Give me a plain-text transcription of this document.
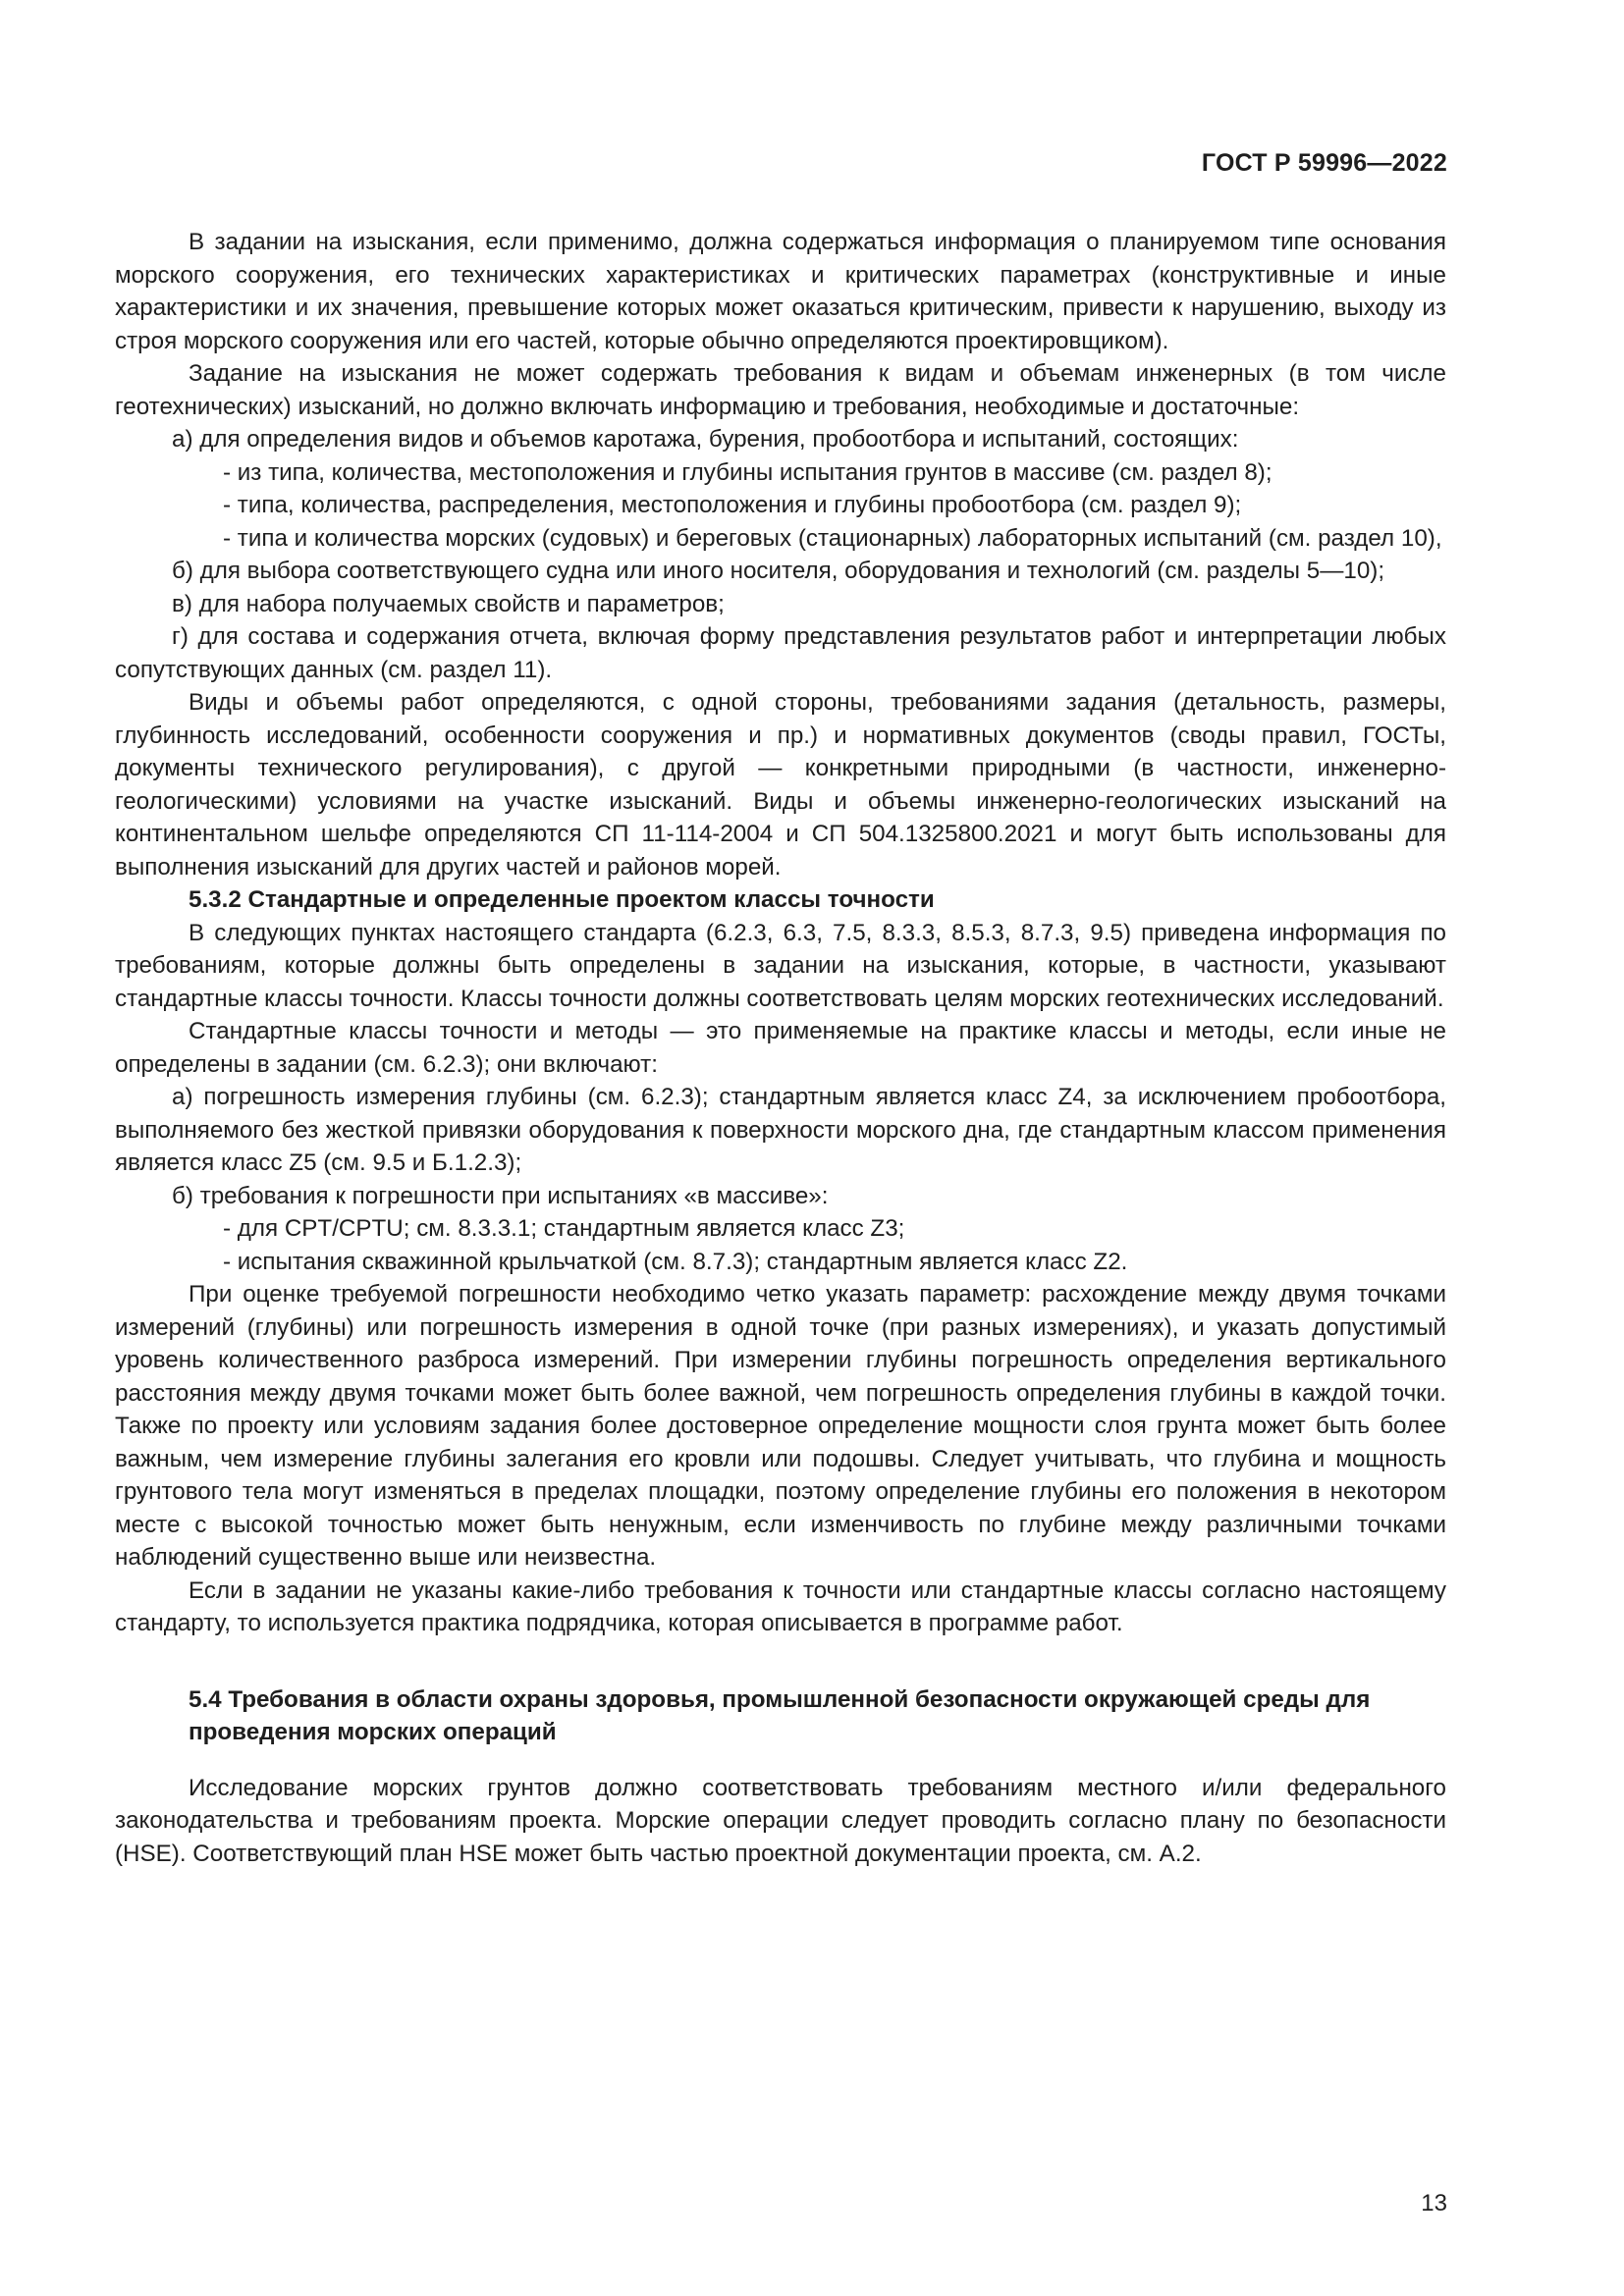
ГОСТ Р 59996—2022

В задании на изыскания, если применимо, должна содержаться информация о планируемом типе основания морского сооружения, его технических характеристиках и критических параметрах (конструктивные и иные характеристики и их значения, превышение которых может оказаться критическим, привести к нарушению, выходу из строя морского сооружения или его частей, которые обычно определяются проектировщиком).

Задание на изыскания не может содержать требования к видам и объемам инженерных (в том числе геотехнических) изысканий, но должно включать информацию и требования, необходимые и достаточные:

а) для определения видов и объемов каротажа, бурения, пробоотбора и испытаний, состоящих:

- из типа, количества, местоположения и глубины испытания грунтов в массиве (см. раздел 8);

- типа, количества, распределения, местоположения и глубины пробоотбора (см. раздел 9);

- типа и количества морских (судовых) и береговых (стационарных) лабораторных испытаний (см. раздел 10),

б) для выбора соответствующего судна или иного носителя, оборудования и технологий (см. разделы 5—10);

в) для набора получаемых свойств и параметров;

г) для состава и содержания отчета, включая форму представления результатов работ и интерпретации любых сопутствующих данных (см. раздел 11).

Виды и объемы работ определяются, с одной стороны, требованиями задания (детальность, размеры, глубинность исследований, особенности сооружения и пр.) и нормативных документов (своды правил, ГОСТы, документы технического регулирования), с другой — конкретными природными (в частности, инженерно-геологическими) условиями на участке изысканий. Виды и объемы инженерно-геологических изысканий на континентальном шельфе определяются СП 11-114-2004 и СП 504.1325800.2021 и могут быть использованы для выполнения изысканий для других частей и районов морей.

5.3.2 Стандартные и определенные проектом классы точности

В следующих пунктах настоящего стандарта (6.2.3, 6.3, 7.5, 8.3.3, 8.5.3, 8.7.3, 9.5) приведена информация по требованиям, которые должны быть определены в задании на изыскания, которые, в частности, указывают стандартные классы точности. Классы точности должны соответствовать целям морских геотехнических исследований.

Стандартные классы точности и методы — это применяемые на практике классы и методы, если иные не определены в задании (см. 6.2.3); они включают:

а) погрешность измерения глубины (см. 6.2.3); стандартным является класс Z4, за исключением пробоотбора, выполняемого без жесткой привязки оборудования к поверхности морского дна, где стандартным классом применения является класс Z5 (см. 9.5 и Б.1.2.3);

б) требования к погрешности при испытаниях «в массиве»:

- для CPT/CPTU; см. 8.3.3.1; стандартным является класс Z3;

- испытания скважинной крыльчаткой (см. 8.7.3); стандартным является класс Z2.

При оценке требуемой погрешности необходимо четко указать параметр: расхождение между двумя точками измерений (глубины) или погрешность измерения в одной точке (при разных измерениях), и указать допустимый уровень количественного разброса измерений. При измерении глубины погрешность определения вертикального расстояния между двумя точками может быть более важной, чем погрешность определения глубины в каждой точки. Также по проекту или условиям задания более достоверное определение мощности слоя грунта может быть более важным, чем измерение глубины залегания его кровли или подошвы. Следует учитывать, что глубина и мощность грунтового тела могут изменяться в пределах площадки, поэтому определение глубины его положения в некотором месте с высокой точностью может быть ненужным, если изменчивость по глубине между различными точками наблюдений существенно выше или неизвестна.

Если в задании не указаны какие-либо требования к точности или стандартные классы согласно настоящему стандарту, то используется практика подрядчика, которая описывается в программе работ.

5.4 Требования в области охраны здоровья, промышленной безопасности окружающей среды для проведения морских операций

Исследование морских грунтов должно соответствовать требованиям местного и/или федерального законодательства и требованиям проекта. Морские операции следует проводить согласно плану по безопасности (HSE). Соответствующий план HSE может быть частью проектной документации проекта, см. А.2.

13
